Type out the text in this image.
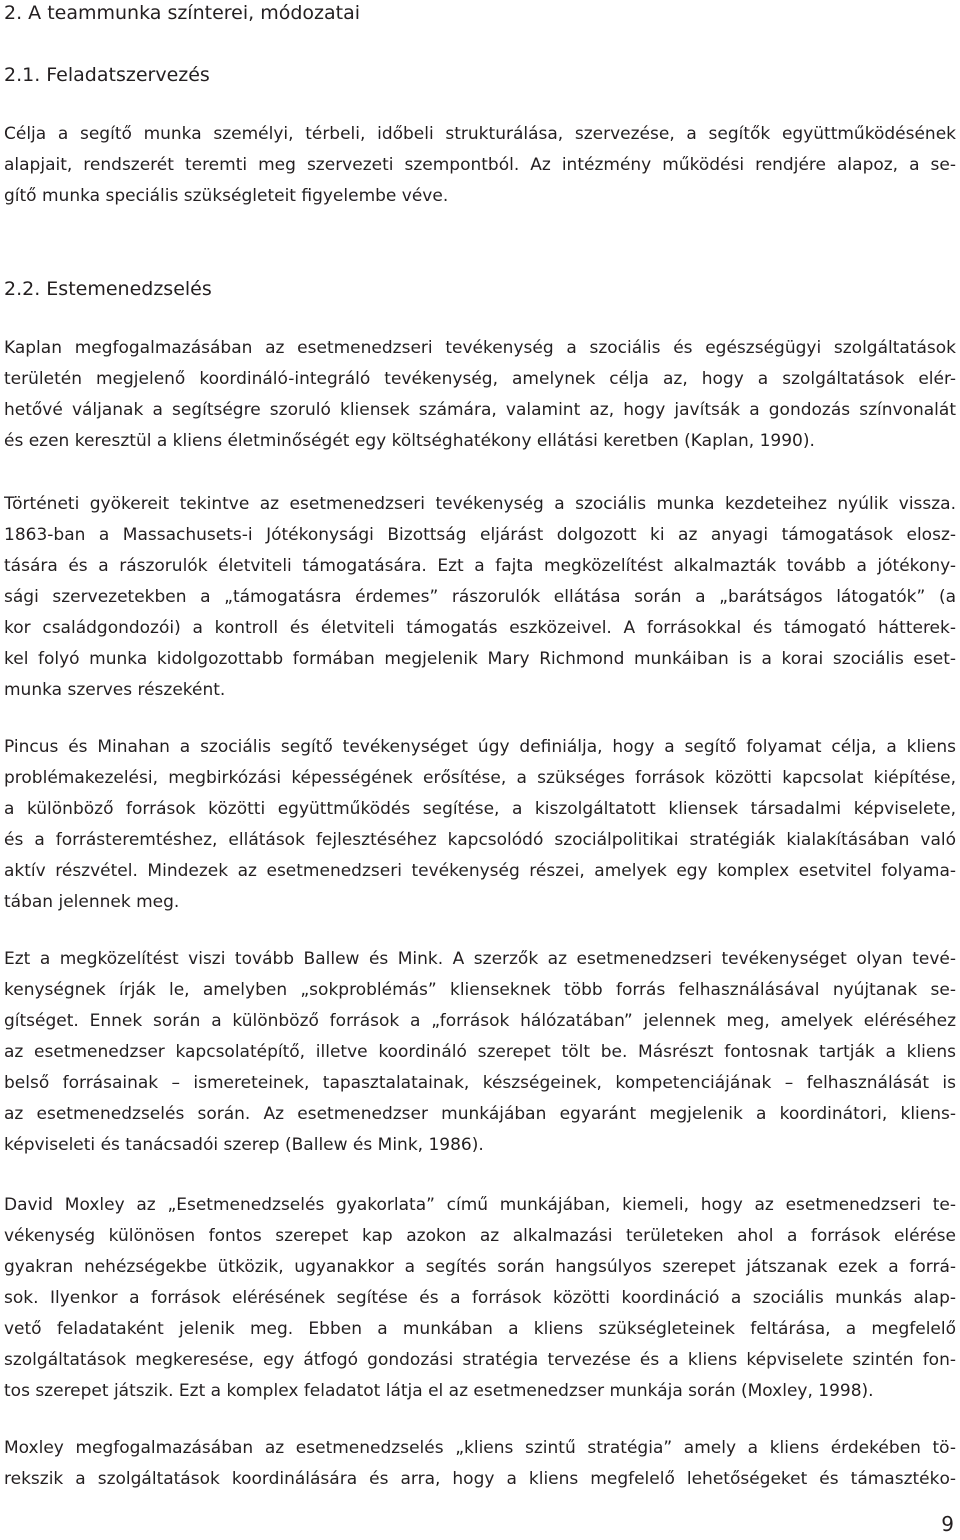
2. A teammunka színterei, módozatai
2.1. Feladatszervezés
Célja a segítő munka személyi, térbeli, időbeli strukturálása, szervezése, a segítők együttműködésének
alapjait, rendszerét teremti meg szervezeti szempontból. Az intézmény működési rendjére alapoz, a se-
gítő munka speciális szükségleteit figyelembe véve.
2.2. Estemenedzselés
Kaplan megfogalmazásában az esetmenedzseri tevékenység a szociális és egészségügyi szolgáltatások
területén megjelenő koordináló-integráló tevékenység, amelynek célja az, hogy a szolgáltatások elér-
hetővé váljanak a segítségre szoruló kliensek számára, valamint az, hogy javítsák a gondozás színvonalát
és ezen keresztül a kliens életminőségét egy költséghatékony ellátási keretben (Kaplan, 1990).
Történeti gyökereit tekintve az esetmenedzseri tevékenység a szociális munka kezdeteihez nyúlik vissza.
1863-ban a Massachusets-i Jótékonysági Bizottság eljárást dolgozott ki az anyagi támogatások elosz-
tására és a rászorulók életviteli támogatására. Ezt a fajta megközelítést alkalmazták tovább a jótékony-
sági szervezetekben a „támogatásra érdemes” rászorulók ellátása során a „barátságos látogatók” (a
kor családgondozói) a kontroll és életviteli támogatás eszközeivel. A forrásokkal és támogató hátterek-
kel folyó munka kidolgozottabb formában megjelenik Mary Richmond munkáiban is a korai szociális eset-
munka szerves részeként.
Pincus és Minahan a szociális segítő tevékenységet úgy definiálja, hogy a segítő folyamat célja, a kliens
problémakezelési, megbirkózási képességének erősítése, a szükséges források közötti kapcsolat kiépítése,
a különböző források közötti együttműködés segítése, a kiszolgáltatott kliensek társadalmi képviselete,
és a forrásteremtéshez, ellátások fejlesztéséhez kapcsolódó szociálpolitikai stratégiák kialakításában való
aktív részvétel. Mindezek az esetmenedzseri tevékenység részei, amelyek egy komplex esetvitel folyama-
tában jelennek meg.
Ezt a megközelítést viszi tovább Ballew és Mink. A szerzők az esetmenedzseri tevékenységet olyan tevé-
kenységnek írják le, amelyben „sokproblémás” klienseknek több forrás felhasználásával nyújtanak se-
gítséget. Ennek során a különböző források a „források hálózatában” jelennek meg, amelyek eléréséhez
az esetmenedzser kapcsolatépítő, illetve koordináló szerepet tölt be. Másrészt fontosnak tartják a kliens
belső forrásainak – ismereteinek, tapasztalatainak, készségeinek, kompetenciájának – felhasználását is
az esetmenedzselés során. Az esetmenedzser munkájában egyaránt megjelenik a koordinátori, kliens-
képviseleti és tanácsadói szerep (Ballew és Mink, 1986).
David Moxley az „Esetmenedzselés gyakorlata” című munkájában, kiemeli, hogy az esetmenedzseri te-
vékenység különösen fontos szerepet kap azokon az alkalmazási területeken ahol a források elérése
gyakran nehézségekbe ütközik, ugyanakkor a segítés során hangsúlyos szerepet játszanak ezek a forrá-
sok. Ilyenkor a források elérésének segítése és a források közötti koordináció a szociális munkás alap-
vető feladataként jelenik meg. Ebben a munkában a kliens szükségleteinek feltárása, a megfelelő
szolgáltatások megkeresése, egy átfogó gondozási stratégia tervezése és a kliens képviselete szintén fon-
tos szerepet játszik. Ezt a komplex feladatot látja el az esetmenedzser munkája során (Moxley, 1998).
Moxley megfogalmazásában az esetmenedzselés „kliens szintű stratégia” amely a kliens érdekében tö-
rekszik a szolgáltatások koordinálására és arra, hogy a kliens megfelelő lehetőségeket és támasztékо-
9
